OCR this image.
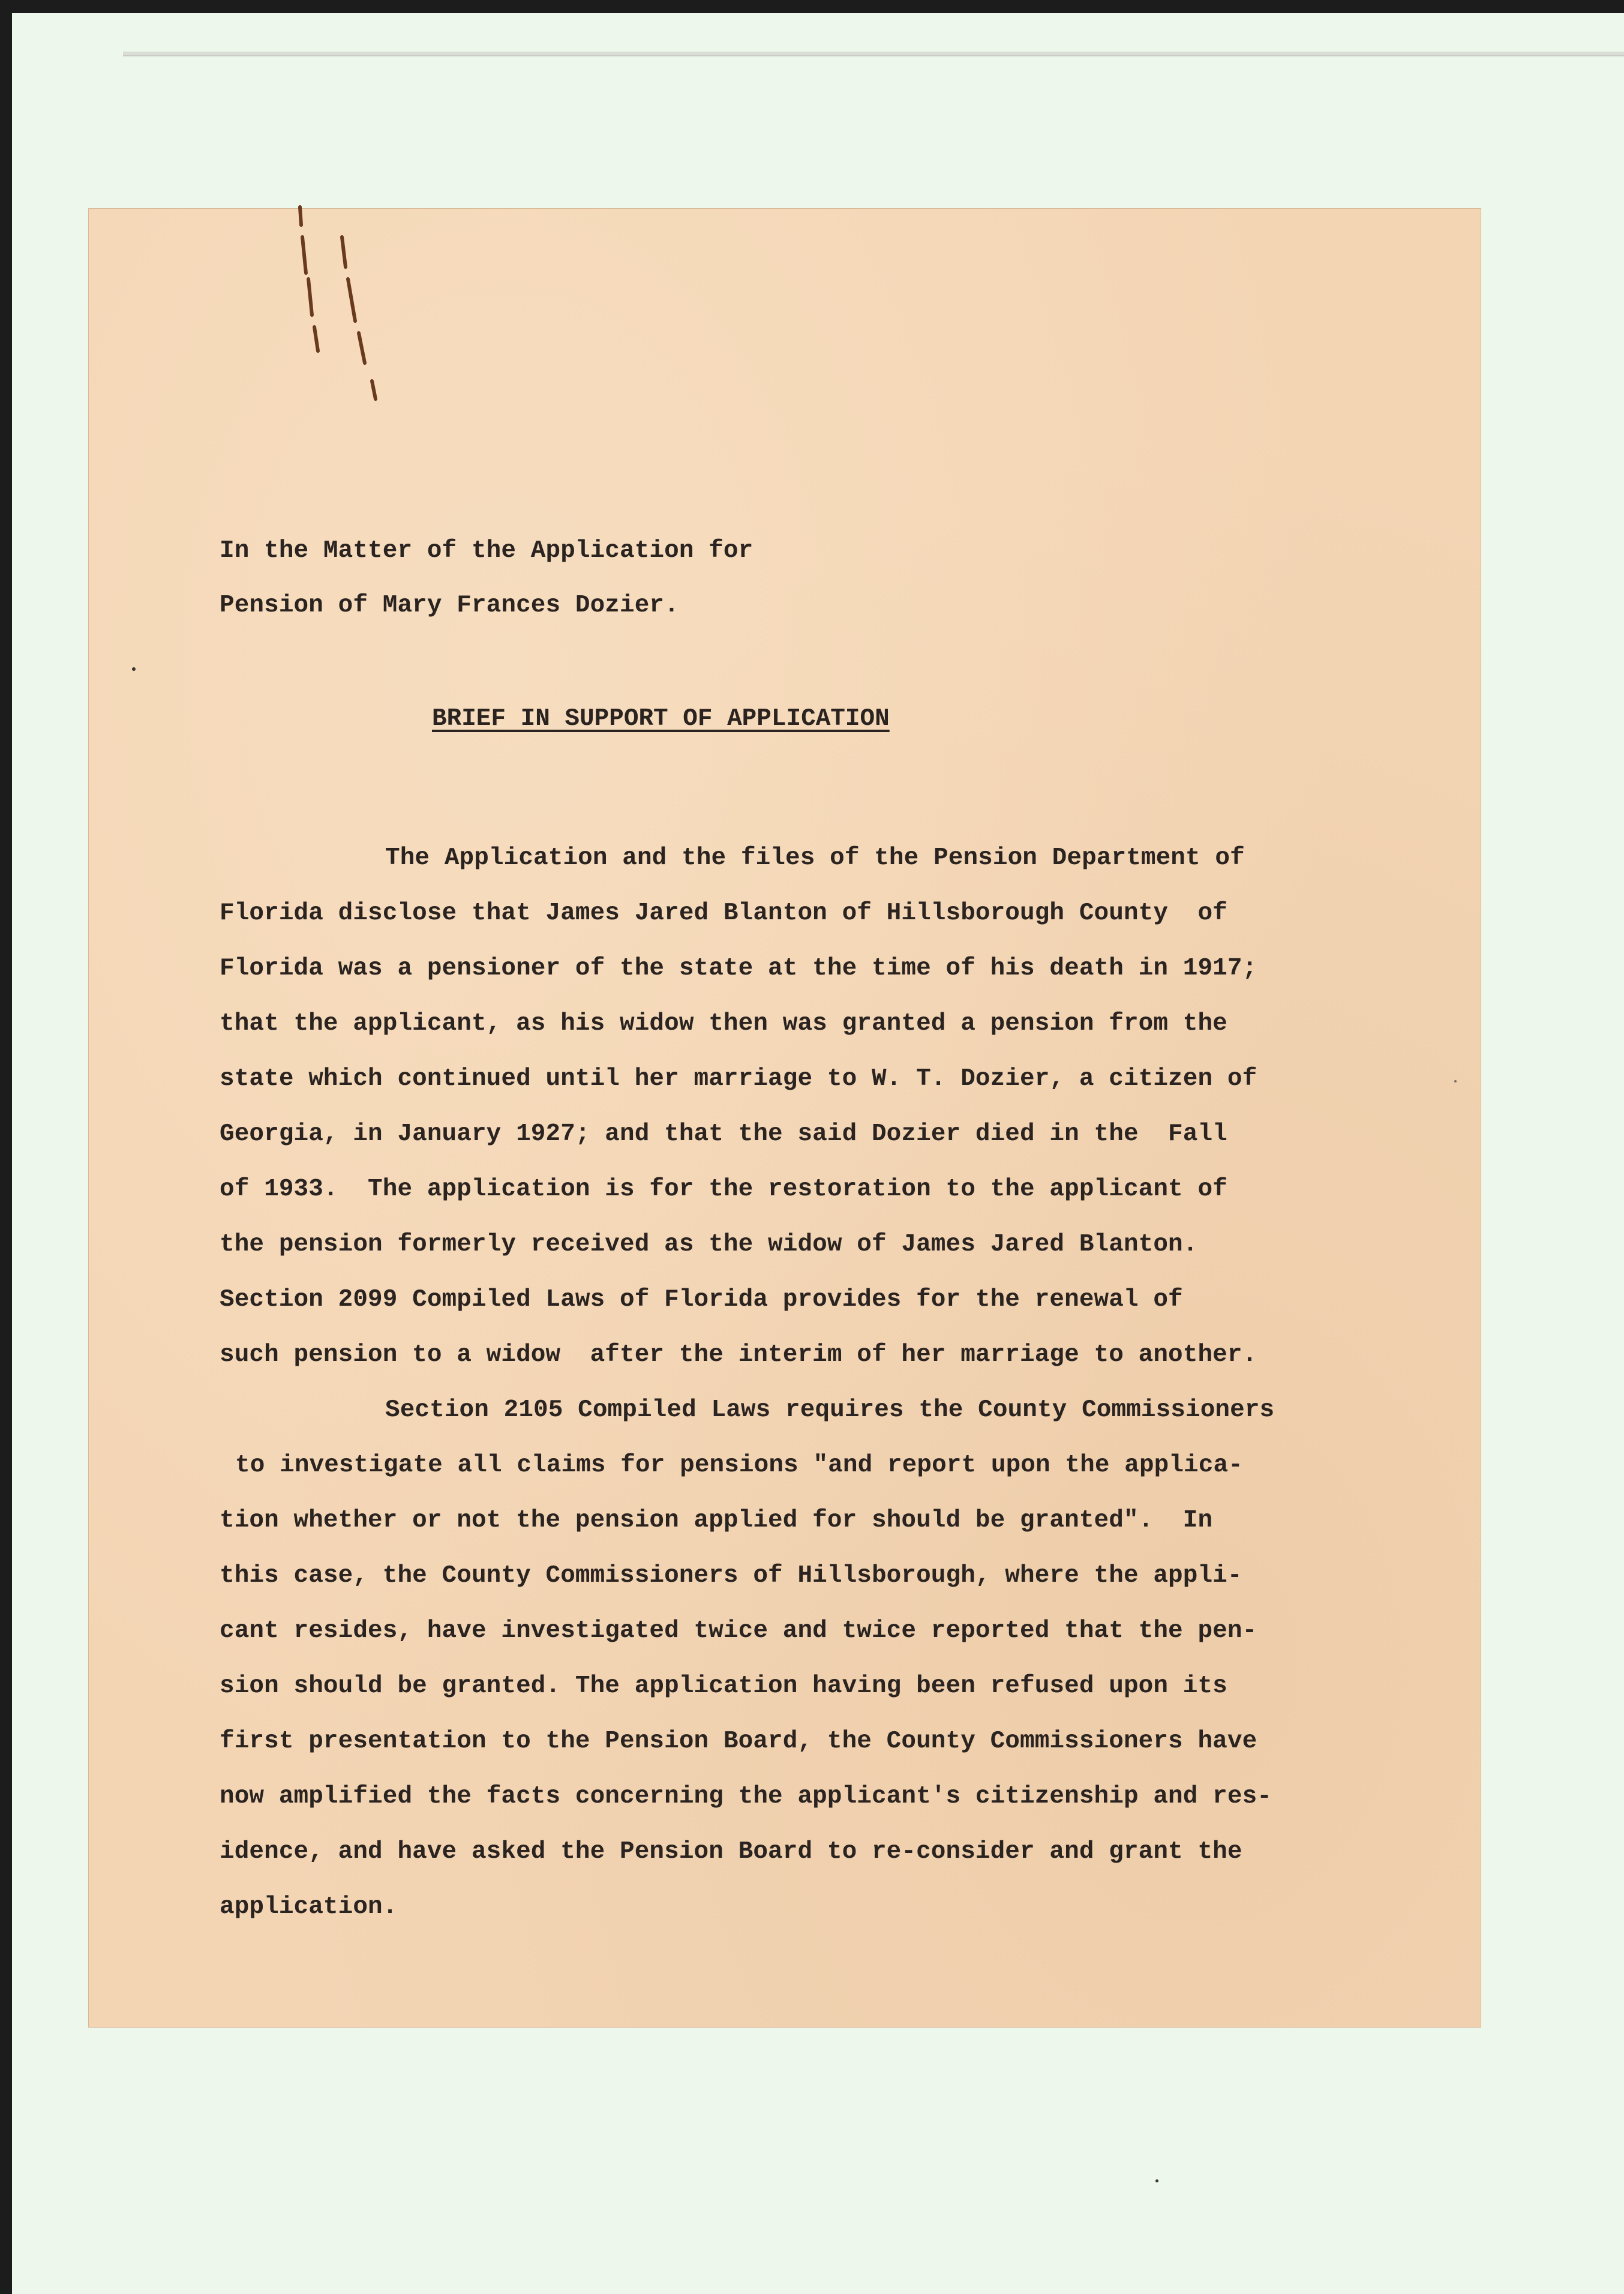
In the Matter of the Application for

Pension of Mary Frances Dozier.

BRIEF IN SUPPORT OF APPLICATION

The Application and the files of the Pension Department of

Florida disclose that James Jared Blanton of Hillsborough County  of

Florida was a pensioner of the state at the time of his death in 1917;

that the applicant, as his widow then was granted a pension from the

state which continued until her marriage to W. T. Dozier, a citizen of

Georgia, in January 1927; and that the said Dozier died in the  Fall

of 1933.  The application is for the restoration to the applicant of

the pension formerly received as the widow of James Jared Blanton.

Section 2099 Compiled Laws of Florida provides for the renewal of

such pension to a widow  after the interim of her marriage to another.

Section 2105 Compiled Laws requires the County Commissioners

to investigate all claims for pensions "and report upon the applica-

tion whether or not the pension applied for should be granted".  In

this case, the County Commissioners of Hillsborough, where the appli-

cant resides, have investigated twice and twice reported that the pen-

sion should be granted. The application having been refused upon its

first presentation to the Pension Board, the County Commissioners have

now amplified the facts concerning the applicant's citizenship and res-

idence, and have asked the Pension Board to re-consider and grant the

application.
